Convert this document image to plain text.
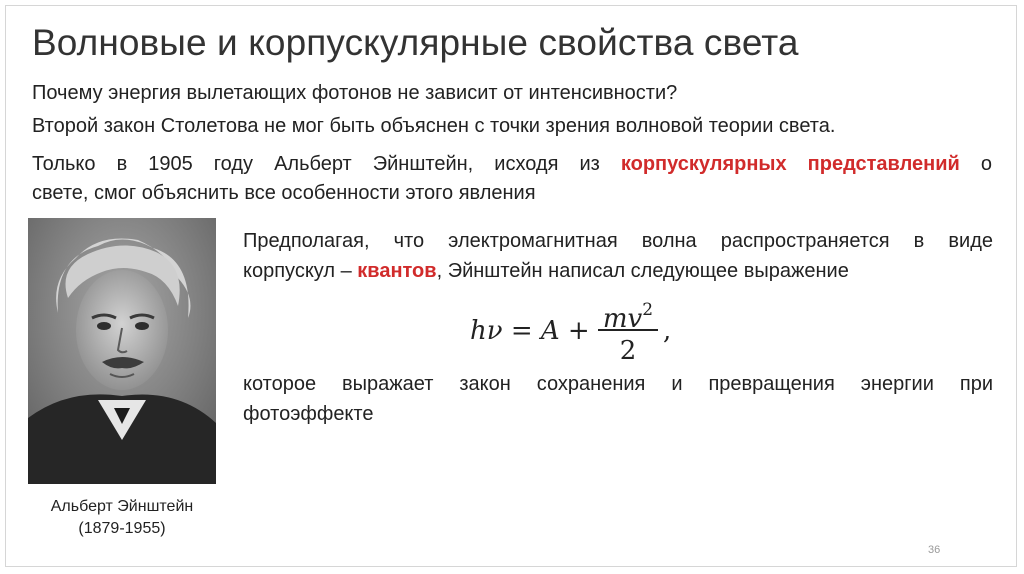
Волновые и корпускулярные свойства света
Почему энергия вылетающих фотонов не зависит от интенсивности?
Второй закон Столетова не мог быть объяснен с точки зрения волновой теории света.
Только в 1905 году Альберт Эйнштейн, исходя из корпускулярных представлений о
свете, смог объяснить все особенности этого явления
Альберт Эйнштейн
(1879-1955)
Предполагая, что электромагнитная волна распространяется в виде
корпускул – квантов, Эйнштейн написал следующее выражение
$h\nu = A + mv^2$
2
,
которое выражает закон сохранения и превращения энергии при
фотоэффекте
36
